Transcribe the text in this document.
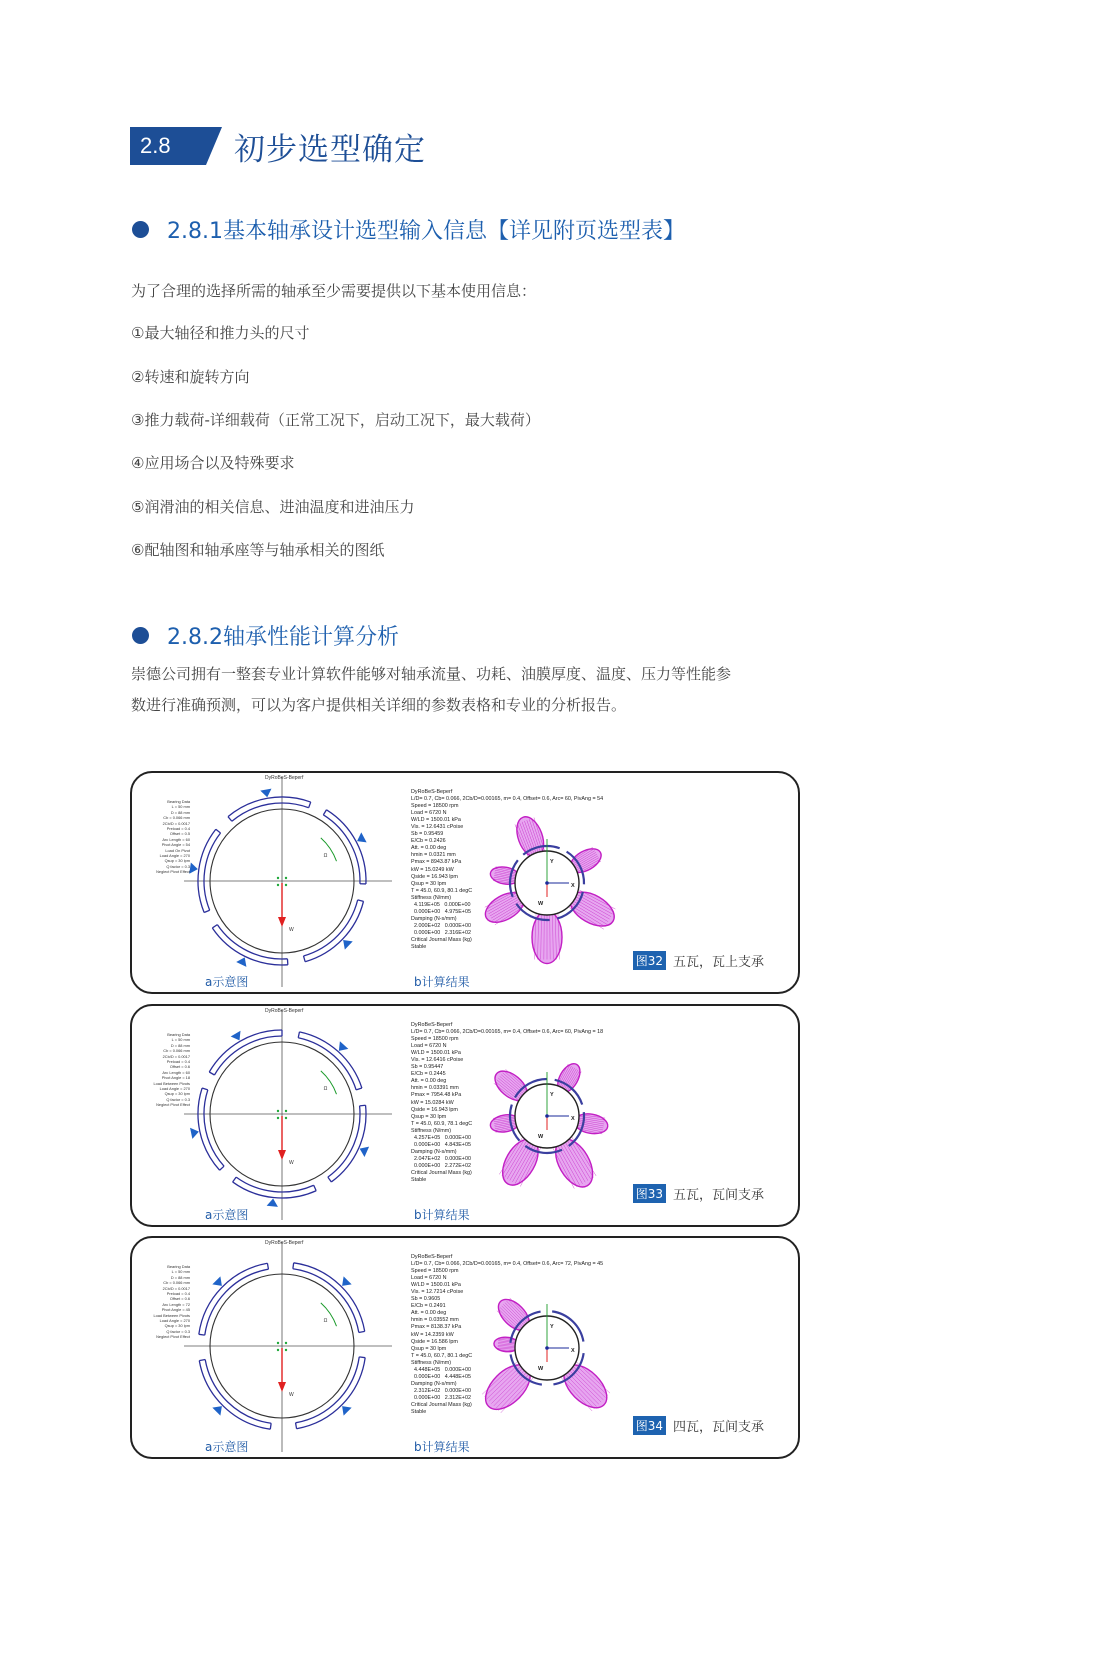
2.8	初步选型确定
2.8.1基本轴承设计选型输入信息【详见附页选型表】

为了合理的选择所需的轴承至少需要提供以下基本使用信息：

①最大轴径和推力头的尺寸

②转速和旋转方向

③推力载荷-详细载荷（正常工况下，启动工况下，最大载荷）

④应用场合以及特殊要求

⑤润滑油的相关信息、进油温度和进油压力

⑥配轴图和轴承座等与轴承相关的图纸

2.8.2轴承性能计算分析

崇德公司拥有一整套专业计算软件能够对轴承流量、功耗、油膜厚度、温度、压力等性能参

数进行准确预测，可以为客户提供相关详细的参数表格和专业的分析报告。

Ω
W
X
Y
W
DyRoBeS-Beperf
Bearing Data
L = 50 mm
D = 88 mm
Cb = 0.066 mm
2Cb/D = 0.0017
Preload = 0.4
Offset = 0.5
Arc Length = 60
Pivot Angle = 54
Load On Pivot
Load Angle = 270
Qsup = 30 lpm
Q factor = 0.3
Neglect Pivot Effect
DyRoBeS-Beperf
L/D= 0.7, Cb= 0.066, 2Cb/D=0.00165, m= 0.4, Offset= 0.6, Arc= 60, PivAng = 54
Speed = 18500 rpm
Load = 6720 N
W/LD = 1500.01 kPa
Vis. = 12.6431 cPoise
Sb = 0.95459
E/Cb = 0.2426
Att. = 0.00 deg
hmin = 0.0321 mm
Pmax = 8943.87 kPa
kW = 15.0249 kW
Qside = 16.943 lpm
Qsup = 30 lpm
T = 45.0, 60.9, 80.1 degC
Stiffness (N/mm)
4.119E+05   0.000E+00
0.000E+00   4.975E+05
Damping (N-s/mm)
2.000E+02   0.000E+00
0.000E+00   2.316E+02
Critical Journal Mass (kg)
Stable
a示意图	b计算结果
图32 五瓦，瓦上支承
Ω
W
X
Y
W
DyRoBeS-Beperf
Bearing Data
L = 50 mm
D = 88 mm
Cb = 0.066 mm
2Cb/D = 0.0017
Preload = 0.4
Offset = 0.6
Arc Length = 60
Pivot Angle = 18
Load Between Pivots
Load Angle = 270
Qsup = 30 lpm
Q factor = 0.3
Neglect Pivot Effect
DyRoBeS-Beperf
L/D= 0.7, Cb= 0.066, 2Cb/D=0.00165, m= 0.4, Offset= 0.6, Arc= 60, PivAng = 18
Speed = 18500 rpm
Load = 6720 N
W/LD = 1500.01 kPa
Vis. = 12.6416 cPoise
Sb = 0.95447
E/Cb = 0.2445
Att. = 0.00 deg
hmin = 0.03391 mm
Pmax = 7954.48 kPa
kW = 15.0284 kW
Qside = 16.943 lpm
Qsup = 30 lpm
T = 45.0, 60.9, 78.1 degC
Stiffness (N/mm)
4.257E+05   0.000E+00
0.000E+00   4.843E+05
Damping (N-s/mm)
2.047E+02   0.000E+00
0.000E+00   2.272E+02
Critical Journal Mass (kg)
Stable
a示意图	b计算结果
图33 五瓦，瓦间支承
Ω
W
X
Y
W
DyRoBeS-Beperf
Bearing Data
L = 50 mm
D = 88 mm
Cb = 0.066 mm
2Cb/D = 0.0017
Preload = 0.4
Offset = 0.6
Arc Length = 72
Pivot Angle = 45
Load Between Pivots
Load Angle = 270
Qsup = 30 lpm
Q factor = 0.3
Neglect Pivot Effect
DyRoBeS-Beperf
L/D= 0.7, Cb= 0.066, 2Cb/D=0.00165, m= 0.4, Offset= 0.6, Arc= 72, PivAng = 45
Speed = 18500 rpm
Load = 6720 N
W/LD = 1500.01 kPa
Vis. = 12.7214 cPoise
Sb = 0.9605
E/Cb = 0.2491
Att. = 0.00 deg
hmin = 0.03552 mm
Pmax = 8138.37 kPa
kW = 14.2359 kW
Qside = 16.586 lpm
Qsup = 30 lpm
T = 45.0, 60.7, 80.1 degC
Stiffness (N/mm)
4.448E+05   0.000E+00
0.000E+00   4.448E+05
Damping (N-s/mm)
2.312E+02   0.000E+00
0.000E+00   2.312E+02
Critical Journal Mass (kg)
Stable
a示意图	b计算结果
图34 四瓦，瓦间支承
